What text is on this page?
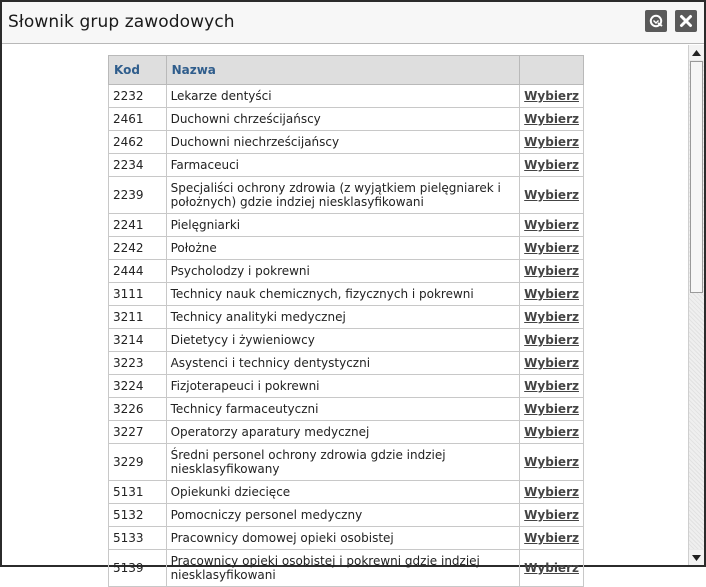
Słownik grup zawodowych
Kod	Nazwa	
2232	Lekarze dentyści	Wybierz
2461	Duchowni chrześcijańscy	Wybierz
2462	Duchowni niechrześcijańscy	Wybierz
2234	Farmaceuci	Wybierz
2239	Specjaliści ochrony zdrowia (z wyjątkiem pielęgniarek i położnych) gdzie indziej niesklasyfikowani	Wybierz
2241	Pielęgniarki	Wybierz
2242	Położne	Wybierz
2444	Psycholodzy i pokrewni	Wybierz
3111	Technicy nauk chemicznych, fizycznych i pokrewni	Wybierz
3211	Technicy analityki medycznej	Wybierz
3214	Dietetycy i żywieniowcy	Wybierz
3223	Asystenci i technicy dentystyczni	Wybierz
3224	Fizjoterapeuci i pokrewni	Wybierz
3226	Technicy farmaceutyczni	Wybierz
3227	Operatorzy aparatury medycznej	Wybierz
3229	Średni personel ochrony zdrowia gdzie indziej niesklasyfikowany	Wybierz
5131	Opiekunki dziecięce	Wybierz
5132	Pomocniczy personel medyczny	Wybierz
5133	Pracownicy domowej opieki osobistej	Wybierz
5139	Pracownicy opieki osobistej i pokrewni gdzie indziej niesklasyfikowani	Wybierz
